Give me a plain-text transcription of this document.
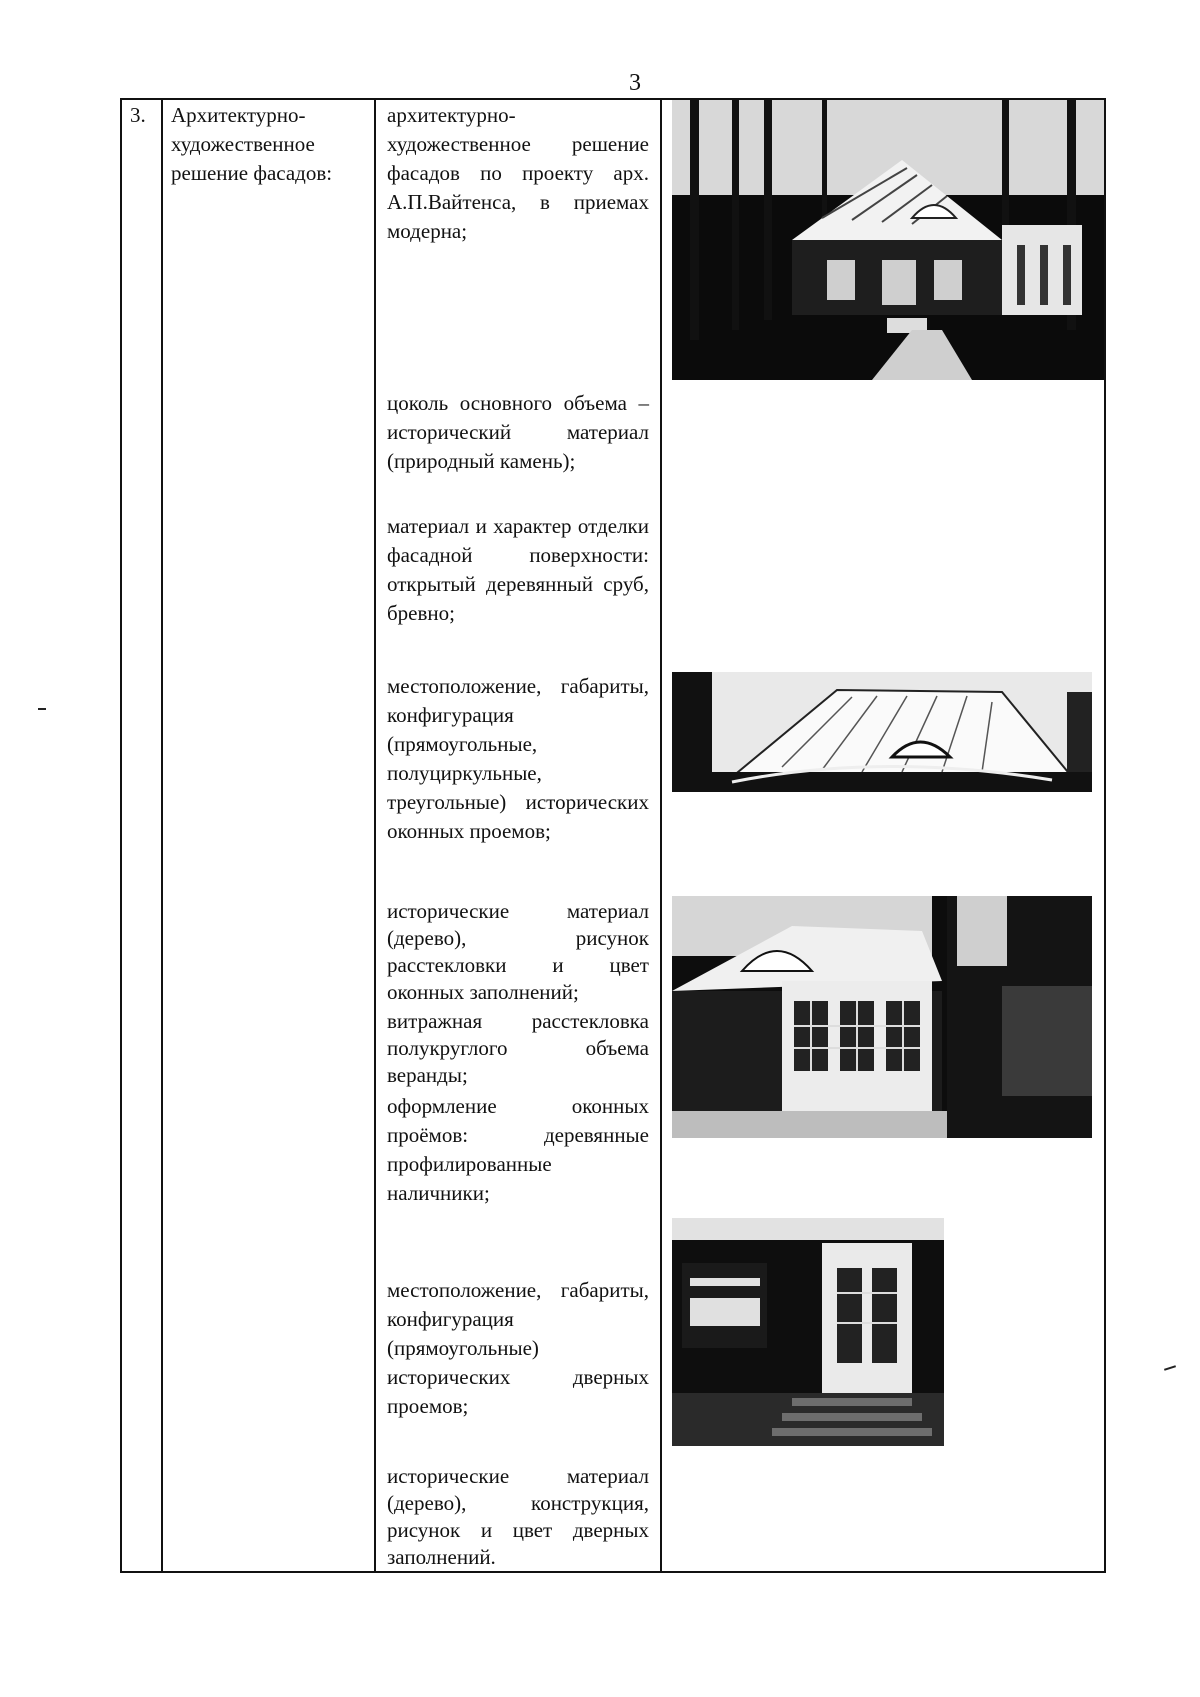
3
3. Архитектурно-художественное решение фасадов:

архитектурно-художественное решение фасадов по проекту арх. А.П.Вайтенса, в приемах модерна;

цоколь основного объема – исторический материал (природный камень);

материал и характер отделки фасадной поверхности: открытый деревянный сруб, бревно;

местоположение, габариты, конфигурация (прямоугольные, полуциркульные, треугольные) исторических оконных проемов;

исторические материал (дерево), рисунок расстекловки и цвет оконных заполнений;

витражная расстекловка полукруглого объема веранды;

оформление оконных проёмов: деревянные профилированные наличники;

местоположение, габариты, конфигурация (прямоугольные) исторических дверных проемов;

исторические материал (дерево), конструкция, рисунок и цвет дверных заполнений.
